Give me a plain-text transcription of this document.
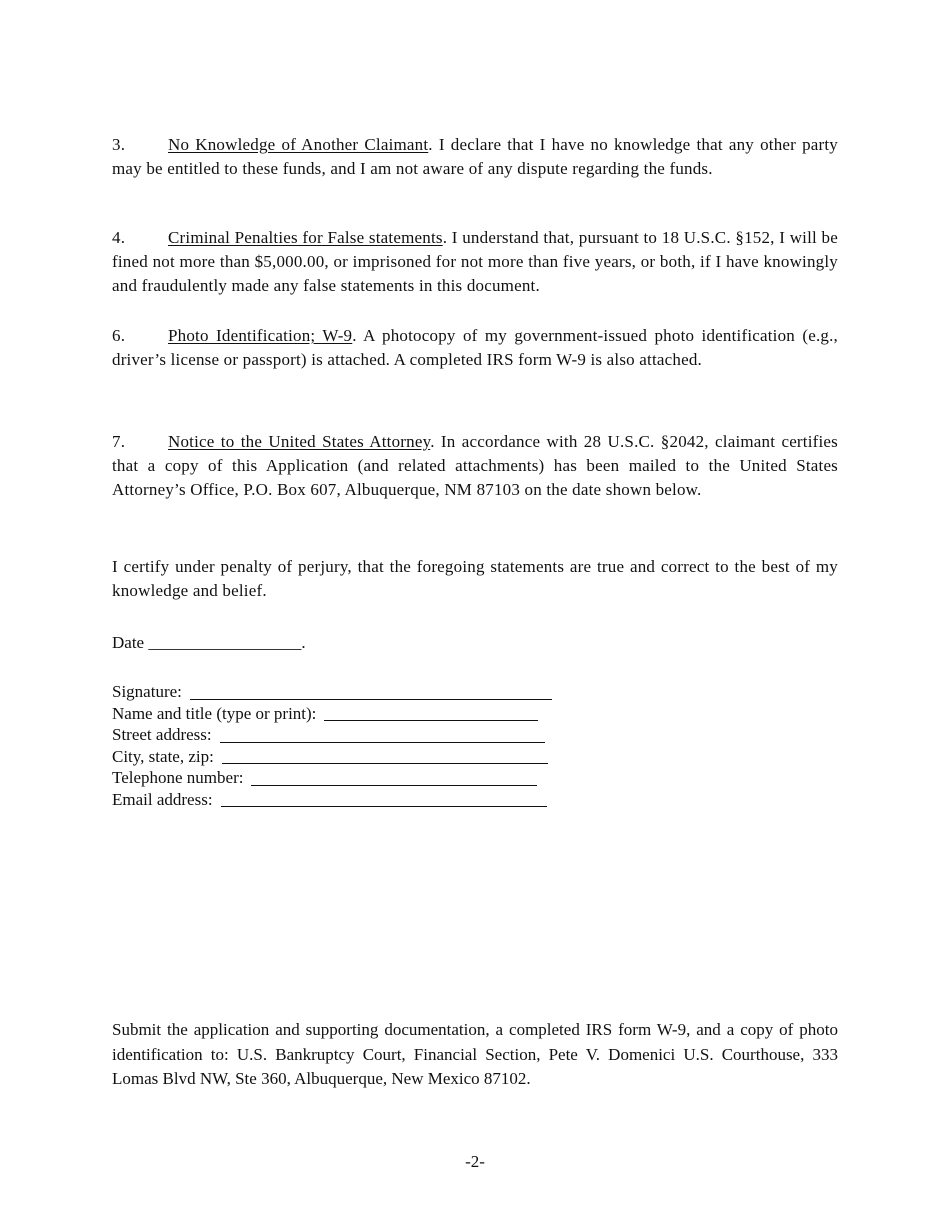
3.	No Knowledge of Another Claimant. I declare that I have no knowledge that any other party may be entitled to these funds, and I am not aware of any dispute regarding the funds.

4.	Criminal Penalties for False statements. I understand that, pursuant to 18 U.S.C. §152, I will be fined not more than $5,000.00, or imprisoned for not more than five years, or both, if I have knowingly and fraudulently made any false statements in this document.

6.	Photo Identification; W-9. A photocopy of my government-issued photo identification (e.g., driver’s license or passport) is attached. A completed IRS form W-9 is also attached.

7.	Notice to the United States Attorney. In accordance with 28 U.S.C. §2042, claimant certifies that a copy of this Application (and related attachments) has been mailed to the United States Attorney’s Office, P.O. Box 607, Albuquerque, NM 87103 on the date shown below.

I certify under penalty of perjury, that the foregoing statements are true and correct to the best of my knowledge and belief.

Date __________________.
Signature:
Name and title (type or print):
Street address:
City, state, zip:
Telephone number:
Email address:

Submit the application and supporting documentation, a completed IRS form W-9, and a copy of photo identification to: U.S. Bankruptcy Court, Financial Section, Pete V. Domenici U.S. Courthouse, 333 Lomas Blvd NW, Ste 360, Albuquerque, New Mexico 87102.

-2-
